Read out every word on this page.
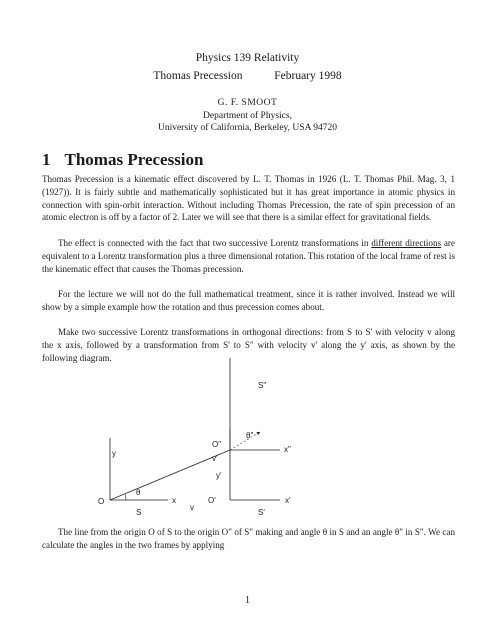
Physics 139 Relativity
Thomas Precession	February 1998
G. F. SMOOT
Department of Physics,
University of California, Berkeley, USA 94720
1 Thomas Precession

Thomas Precession is a kinematic effect discovered by L. T. Thomas in 1926 (L. T. Thomas Phil. Mag. 3, 1 (1927)). It is fairly subtle and mathematically sophisticated but it has great importance in atomic physics in connection with spin-orbit interaction. Without including Thomas Precession, the rate of spin precession of an atomic electron is off by a factor of 2. Later we will see that there is a similar effect for gravitational fields.

The effect is connected with the fact that two successive Lorentz transformations in different directions are equivalent to a Lorentz transformation plus a three dimensional rotation. This rotation of the local frame of rest is the kinematic effect that causes the Thomas precession.

For the lecture we will not do the full mathematical treatment, since it is rather involved. Instead we will show by a simple example how the rotation and thus precession comes about.

Make two successive Lorentz transformations in orthogonal directions: from S to S' with velocity v along the x axis, followed by a transformation from S' to S" with velocity v' along the y' axis, as shown by the following diagram.

S"
θ"
O"
x"
v'
y'
y
θ
O	x
v
O'	x'
S	S'

The line from the origin O of S to the origin O" of S" making and angle θ in S and an angle θ" in S". We can calculate the angles in the two frames by applying

1
